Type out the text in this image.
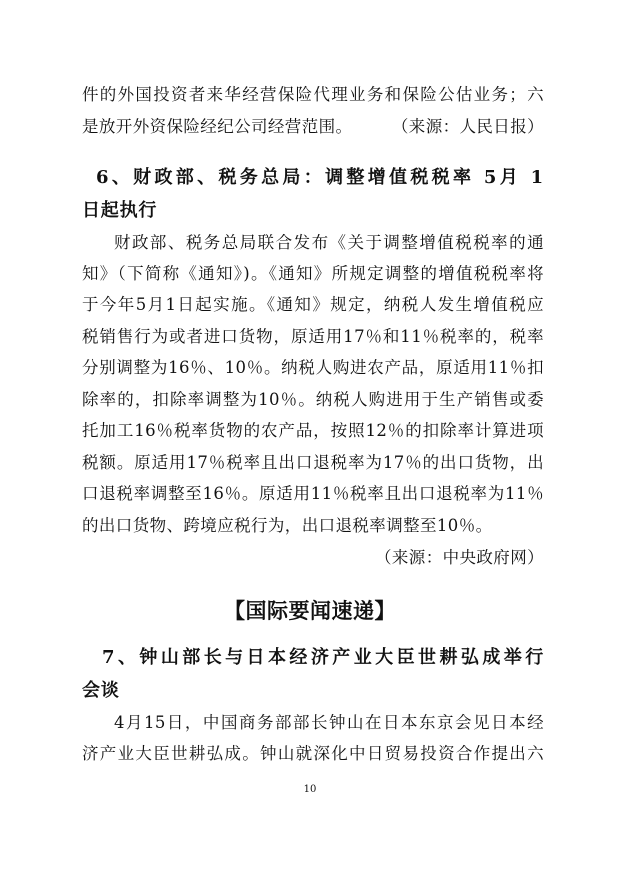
件的外国投资者来华经营保险代理业务和保险公估业务；六
是放开外资保险经纪公司经营范围。	（来源：人民日报）
6、财政部、税务总局：调整增值税税率 5月 1
日起执行
财政部、税务总局联合发布《关于调整增值税税率的通
知》（下简称《通知》)。《通知》所规定调整的增值税税率将
于今年5月1日起实施。《通知》规定，纳税人发生增值税应
税销售行为或者进口货物，原适用17％和11％税率的，税率
分别调整为16％、10％。纳税人购进农产品，原适用11％扣
除率的，扣除率调整为10％。纳税人购进用于生产销售或委
托加工16％税率货物的农产品，按照12％的扣除率计算进项
税额。原适用17％税率且出口退税率为17％的出口货物，出
口退税率调整至16％。原适用11％税率且出口退税率为11％
的出口货物、跨境应税行为，出口退税率调整至10％。
（来源：中央政府网）
【国际要闻速递】
7、钟山部长与日本经济产业大臣世耕弘成举行
会谈
4月15日，中国商务部部长钟山在日本东京会见日本经
济产业大臣世耕弘成。钟山就深化中日贸易投资合作提出六
10
